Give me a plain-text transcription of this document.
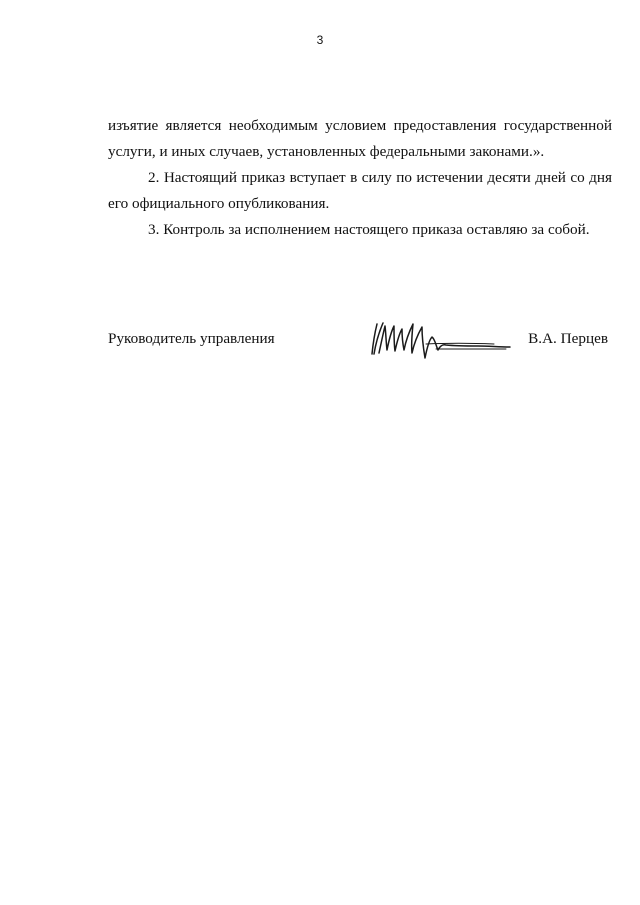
3

изъятие является необходимым условием предоставления государственной
услуги, и иных случаев, установленных федеральными законами.».

2. Настоящий приказ вступает в силу по истечении десяти дней со дня
его официального опубликования.

3. Контроль за исполнением настоящего приказа оставляю за собой.

Руководитель управления	В.А. Перцев
